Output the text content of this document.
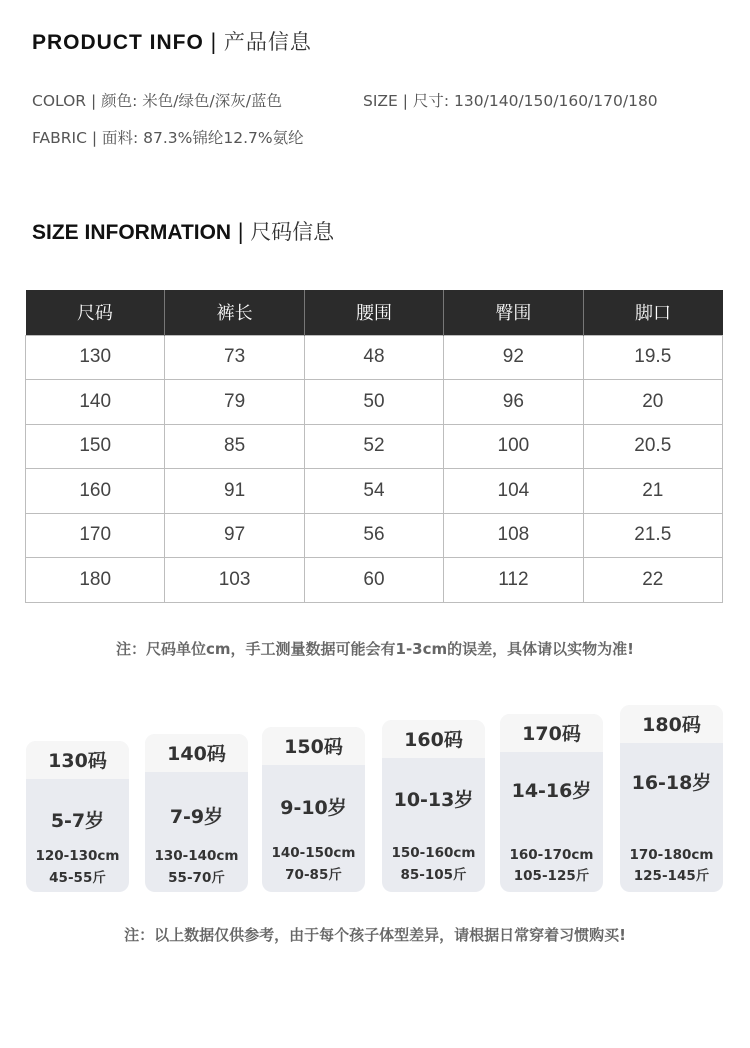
PRODUCT INFO | 产品信息
COLOR | 颜色: 米色/绿色/深灰/蓝色	SIZE | 尺寸: 130/140/150/160/170/180
FABRIC | 面料: 87.3%锦纶12.7%氨纶
SIZE INFORMATION | 尺码信息
尺码	裤长	腰围	臀围	脚口
130	73	48	92	19.5
140	79	50	96	20
150	85	52	100	20.5
160	91	54	104	21
170	97	56	108	21.5
180	103	60	112	22
注：尺码单位cm，手工测量数据可能会有1-3cm的误差，具体请以实物为准!
130码
5-7岁
120-130cm
45-55斤
140码
7-9岁
130-140cm
55-70斤
150码
9-10岁
140-150cm
70-85斤
160码
10-13岁
150-160cm
85-105斤
170码
14-16岁
160-170cm
105-125斤
180码
16-18岁
170-180cm
125-145斤
注：以上数据仅供参考，由于每个孩子体型差异，请根据日常穿着习惯购买!
